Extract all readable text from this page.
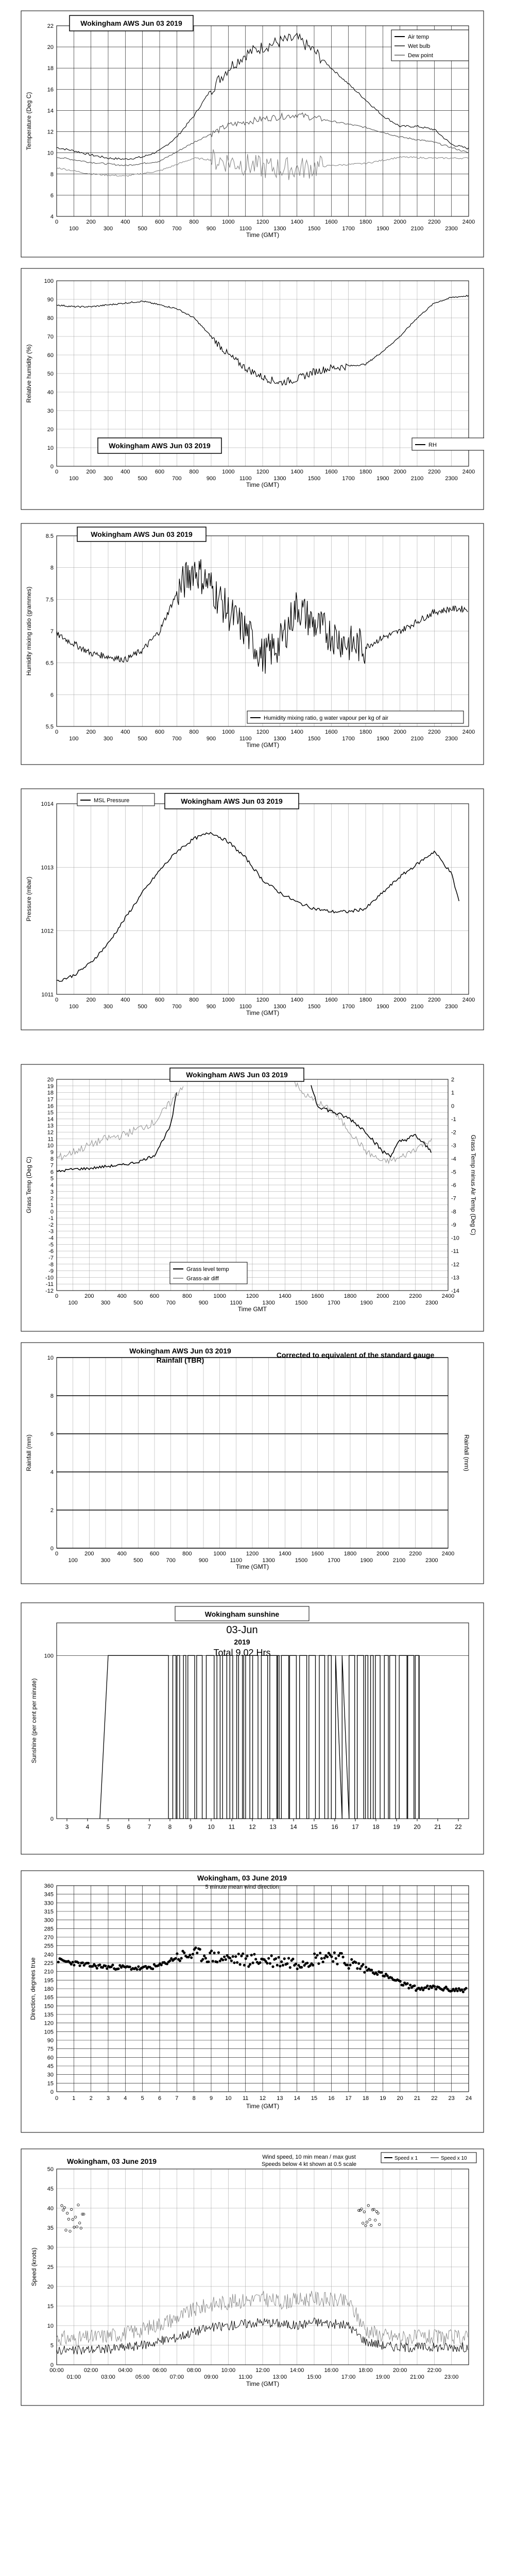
4
6
8
10
12
14
16
18
20
22
0	200	400	600	800	1000	1200	1400	1600	1800	2000	2200	2400
100	300	500	700	900	1100	1300	1500	1700	1900	2100	2300
Time (GMT)
Temperature (Deg C)
Wokingham AWS Jun 03 2019
Air temp
Wet bulb
Dew point
0
10
20
30
40
50
60
70
80
90
100
0	200	400	600	800	1000	1200	1400	1600	1800	2000	2200	2400
100	300	500	700	900	1100	1300	1500	1700	1900	2100	2300
Time (GMT)
Relative humidity (%)
Wokingham AWS Jun 03 2019	RH
5.5
6
6.5
7
7.5
8
8.5
0	200	400	600	800	1000	1200	1400	1600	1800	2000	2200	2400
100	300	500	700	900	1100	1300	1500	1700	1900	2100	2300
Time (GMT)
Humidity mixing ratio (grammes)
Wokingham AWS Jun 03 2019
Humidity mixing ratio, g water vapour per kg of air
1011
1012
1013
1014
0	200	400	600	800	1000	1200	1400	1600	1800	2000	2200	2400
100	300	500	700	900	1100	1300	1500	1700	1900	2100	2300
Time (GMT)
Pressure (mbar)
Wokingham AWS Jun 03 2019
MSL Pressure
-12
-11
-10
-9
-8
-7
-6
-5
-4
-3
-2
-1
0
1
2
3
4
5
6
7
8
9
10
11
12
13
14
15
16
17
18
19
20
0	200	400	600	800	1000	1200	1400	1600	1800	2000	2200	2400
100	300	500	700	900	1100	1300	1500	1700	1900	2100	2300
Time GMT
Grass Temp (Deg C)
2
1
0
-1
-2
-3
-4
-5
-6
-7
-8
-9
-10
-11
-12
-13
-14
Grass Temp minus Air Temp (Deg C)
Wokingham AWS Jun 03 2019
Grass level temp
Grass-air diff
0
2
4
6
8
10
0	200	400	600	800	1000	1200	1400	1600	1800	2000	2200	2400
100	300	500	700	900	1100	1300	1500	1700	1900	2100	2300
Time (GMT)
Rainfall (mm)
Wokingham AWS Jun 03 2019
Rainfall (TBR)
Corrected to equivalent of the standard gauge
Rainfall (mm)
0
100
3	4	5	6	7	8	9 10 11 12 13 14 15 16 17 18 19 20 21 22
Sunshine (per cent per minute)
Wokingham sunshine
03-Jun
2019
Total 9.02 Hrs
0
15
30
45
60
75
90
105
120
135
150
165
180
195
210
225
240
255
270
285
300
315
330
345
360
0 1 2 3 4 5 6 7 8 9 10 11 12 13 14 15 16 17 18 19 20 21 22 23 24
Time (GMT)
Direction, degrees true
Wokingham, 03 June 2019
5 minute mean wind direction
0
5
10
15
20
25
30
35
40
45
50
00:00	02:00	04:00	06:00	08:00	10:00	12:00	14:00	16:00	18:00	20:00	22:00
01:00	03:00	05:00	07:00	09:00	11:00	13:00	15:00	17:00	19:00	21:00	23:00
Time (GMT)
Speed (knots)
Wokingham, 03 June 2019	Wind speed, 10 min mean / max gust
Speeds below 4 kt shown at 0.5 scale
Speed x 1	Speed x 10
